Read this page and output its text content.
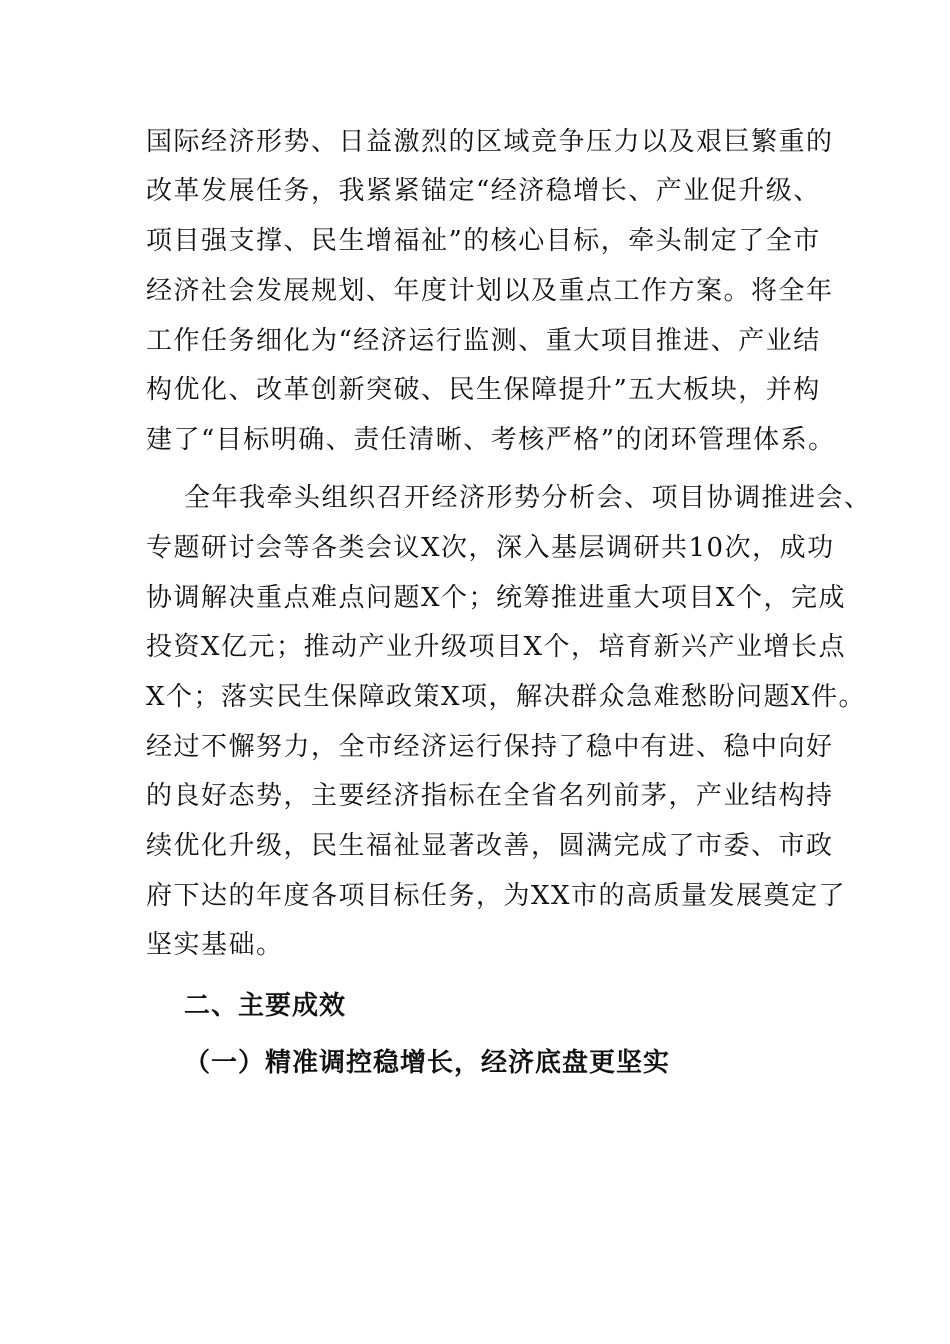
国际经济形势、日益激烈的区域竞争压力以及艰巨繁重的
改革发展任务，我紧紧锚定“经济稳增长、产业促升级、
项目强支撑、民生增福祉”的核心目标，牵头制定了全市
经济社会发展规划、年度计划以及重点工作方案。将全年
工作任务细化为“经济运行监测、重大项目推进、产业结
构优化、改革创新突破、民生保障提升”五大板块，并构
建了“目标明确、责任清晰、考核严格”的闭环管理体系。
全年我牵头组织召开经济形势分析会、项目协调推进会、
专题研讨会等各类会议X次，深入基层调研共10次，成功
协调解决重点难点问题X个；统筹推进重大项目X个，完成
投资X亿元；推动产业升级项目X个，培育新兴产业增长点
X个；落实民生保障政策X项，解决群众急难愁盼问题X件。
经过不懈努力，全市经济运行保持了稳中有进、稳中向好
的良好态势，主要经济指标在全省名列前茅，产业结构持
续优化升级，民生福祉显著改善，圆满完成了市委、市政
府下达的年度各项目标任务，为XX市的高质量发展奠定了
坚实基础。
二、主要成效
（一）精准调控稳增长，经济底盘更坚实
